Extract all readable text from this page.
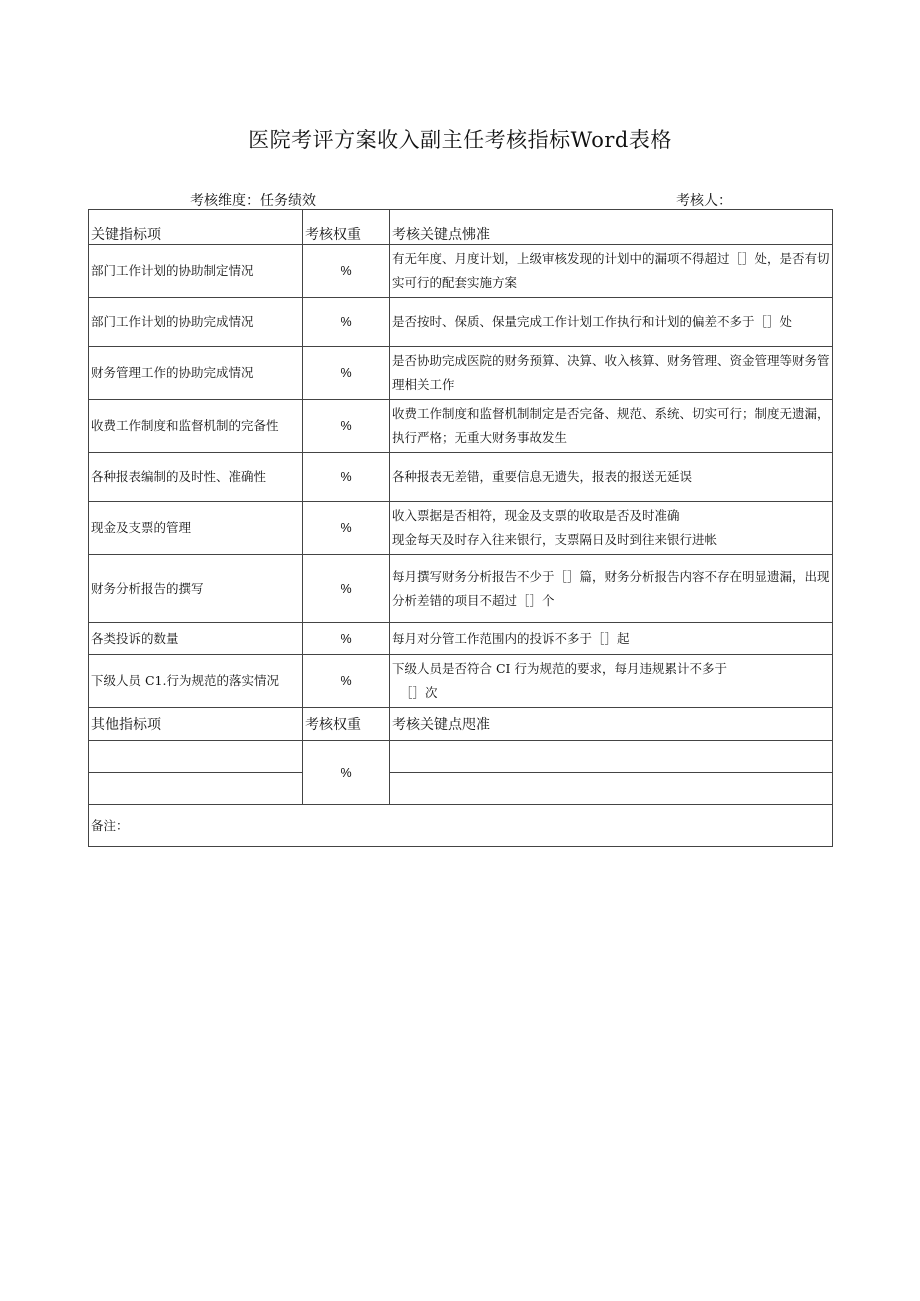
医院考评方案收入副主任考核指标Word表格
考核维度：任务绩效	考核人：
关键指标项	考核权重	考核关键点怫准
部门工作计划的协助制定情况	%	有无年度、月度计划，上级审核发现的计划中的漏项不得超过［］处，是否有切实可行的配套实施方案
部门工作计划的协助完成情况	%	是否按时、保质、保量完成工作计划工作执行和计划的偏差不多于［］处
财务管理工作的协助完成情况	%	是否协助完成医院的财务预算、决算、收入核算、财务管理、资金管理等财务管理相关工作
收费工作制度和监督机制的完备性	%	收费工作制度和监督机制制定是否完备、规范、系统、切实可行；制度无遗漏，执行严格；无重大财务事故发生
各种报表编制的及时性、准确性	%	各种报表无差错，重要信息无遗失，报表的报送无延误
现金及支票的管理	%	收入票据是否相符，现金及支票的收取是否及时准确
现金每天及时存入往来银行，支票隔日及时到往来银行进帐

财务分析报告的撰写	%	每月撰写财务分析报告不少于［］篇，财务分析报告内容不存在明显遗漏，出现分析差错的项目不超过［］个
各类投诉的数量	%	每月对分管工作范围内的投诉不多于［］起
下级人员 C1.行为规范的落实情况	%	下级人员是否符合 CI 行为规范的要求，每月违规累计不多于
［］次

其他指标项	考核权重	考核关键点咫准
	%	

备注：		
